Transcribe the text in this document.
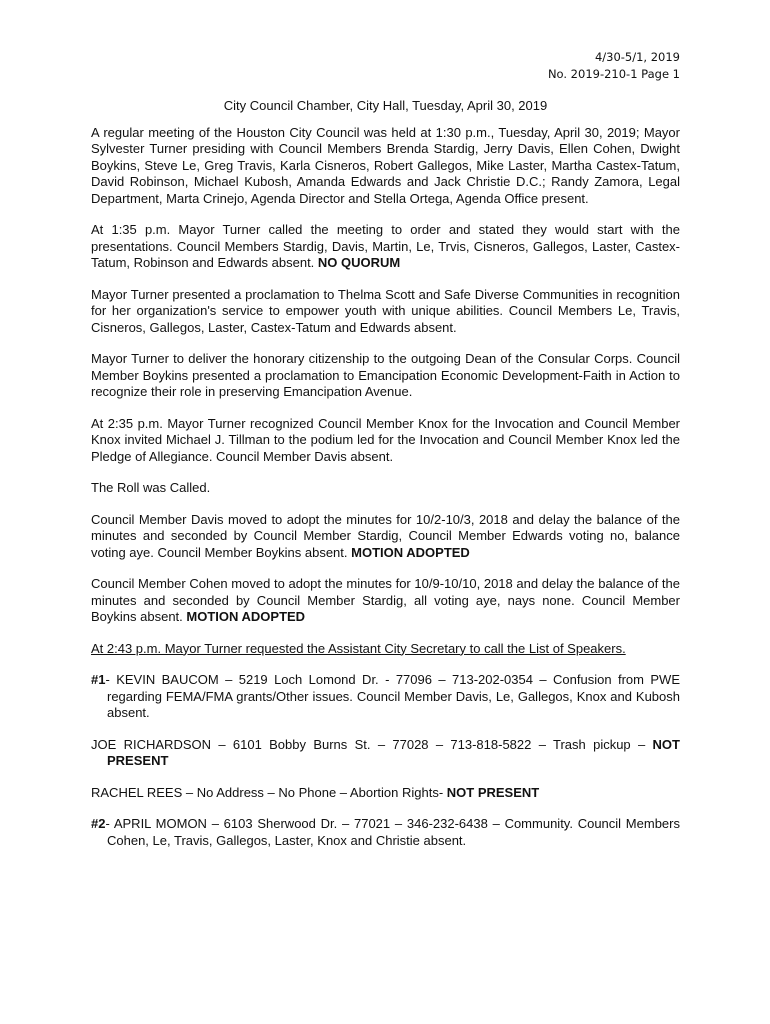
4/30-5/1, 2019
No. 2019-210-1 Page 1

City Council Chamber, City Hall, Tuesday, April 30, 2019

A regular meeting of the Houston City Council was held at 1:30 p.m., Tuesday, April 30, 2019; Mayor Sylvester Turner presiding with Council Members Brenda Stardig, Jerry Davis, Ellen Cohen, Dwight Boykins, Steve Le, Greg Travis, Karla Cisneros, Robert Gallegos, Mike Laster, Martha Castex-Tatum, David Robinson, Michael Kubosh, Amanda Edwards and Jack Christie D.C.; Randy Zamora, Legal Department, Marta Crinejo, Agenda Director and Stella Ortega, Agenda Office present.

At 1:35 p.m. Mayor Turner called the meeting to order and stated they would start with the presentations. Council Members Stardig, Davis, Martin, Le, Trvis, Cisneros, Gallegos, Laster, Castex-Tatum, Robinson and Edwards absent. NO QUORUM

Mayor Turner presented a proclamation to Thelma Scott and Safe Diverse Communities in recognition for her organization's service to empower youth with unique abilities. Council Members Le, Travis, Cisneros, Gallegos, Laster, Castex-Tatum and Edwards absent.

Mayor Turner to deliver the honorary citizenship to the outgoing Dean of the Consular Corps. Council Member Boykins presented a proclamation to Emancipation Economic Development-Faith in Action to recognize their role in preserving Emancipation Avenue.

At 2:35 p.m. Mayor Turner recognized Council Member Knox for the Invocation and Council Member Knox invited Michael J. Tillman to the podium led for the Invocation and Council Member Knox led the Pledge of Allegiance. Council Member Davis absent.

The Roll was Called.

Council Member Davis moved to adopt the minutes for 10/2-10/3, 2018 and delay the balance of the minutes and seconded by Council Member Stardig, Council Member Edwards voting no, balance voting aye. Council Member Boykins absent. MOTION ADOPTED

Council Member Cohen moved to adopt the minutes for 10/9-10/10, 2018 and delay the balance of the minutes and seconded by Council Member Stardig, all voting aye, nays none. Council Member Boykins absent. MOTION ADOPTED

At 2:43 p.m. Mayor Turner requested the Assistant City Secretary to call the List of Speakers.

#1- KEVIN BAUCOM – 5219 Loch Lomond Dr. - 77096 – 713-202-0354 – Confusion from PWE regarding FEMA/FMA grants/Other issues. Council Member Davis, Le, Gallegos, Knox and Kubosh absent.

JOE RICHARDSON – 6101 Bobby Burns St. – 77028 – 713-818-5822 – Trash pickup – NOT PRESENT

RACHEL REES – No Address – No Phone – Abortion Rights- NOT PRESENT

#2- APRIL MOMON – 6103 Sherwood Dr. – 77021 – 346-232-6438 – Community. Council Members Cohen, Le, Travis, Gallegos, Laster, Knox and Christie absent.
